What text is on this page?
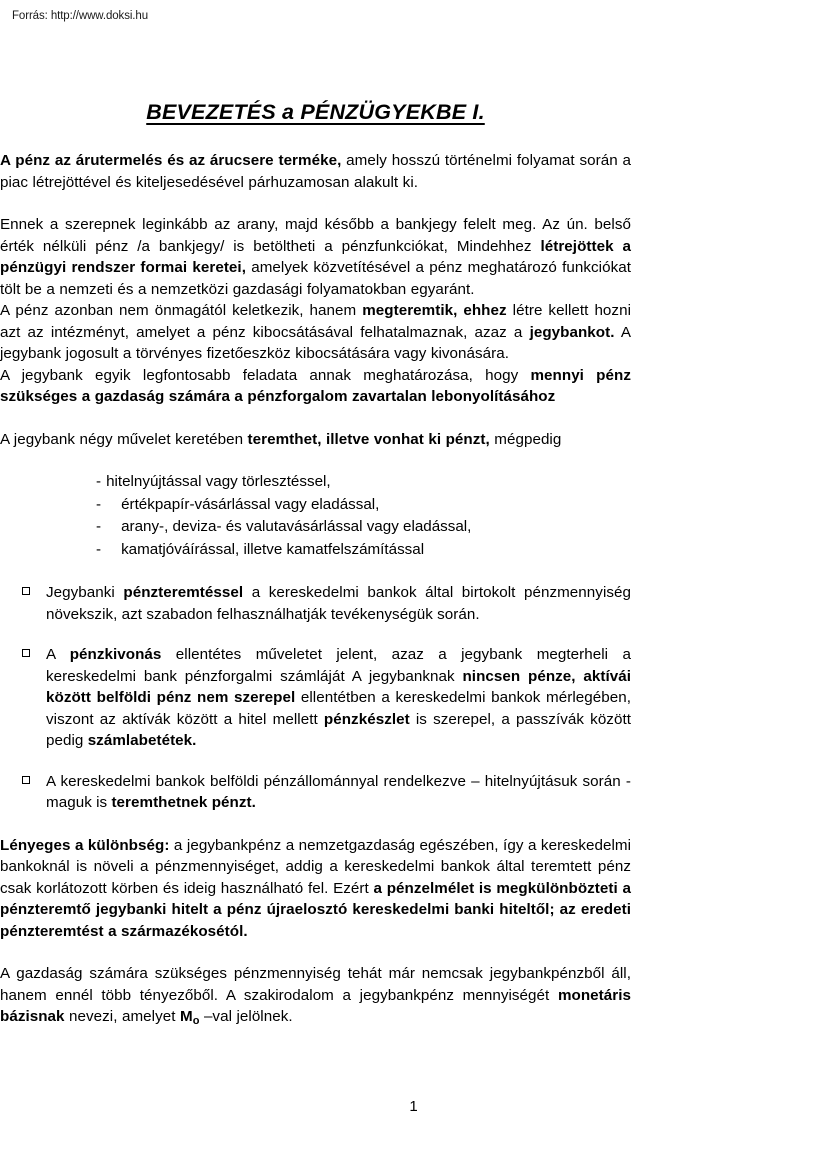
Forrás: http://www.doksi.hu
BEVEZETÉS a PÉNZÜGYEKBE I.

A pénz az árutermelés és az árucsere terméke, amely hosszú történelmi folyamat során a piac létrejöttével és kiteljesedésével párhuzamosan alakult ki.

Ennek a szerepnek leginkább az arany, majd később a bankjegy felelt meg. Az ún. belső érték nélküli pénz /a bankjegy/ is betöltheti a pénzfunkciókat, Mindehhez létrejöttek a pénzügyi rendszer formai keretei, amelyek közvetítésével a pénz meghatározó funkciókat tölt be a nemzeti és a nemzetközi gazdasági folyamatokban egyaránt.

A pénz azonban nem önmagától keletkezik, hanem megteremtik, ehhez létre kellett hozni azt az intézményt, amelyet a pénz kibocsátásával felhatalmaznak, azaz a jegybankot. A jegybank jogosult a törvényes fizetőeszköz kibocsátására vagy kivonására.

A jegybank egyik legfontosabb feladata annak meghatározása, hogy mennyi pénz szükséges a gazdaság számára a pénzforgalom zavartalan lebonyolításához

A jegybank négy művelet keretében teremthet, illetve vonhat ki pénzt, mégpedig

- hitelnyújtással vagy törlesztéssel,
- értékpapír-vásárlással vagy eladással,
- arany-, deviza- és valutavásárlással vagy eladással,
- kamatjóváírással, illetve kamatfelszámítással
Jegybanki pénzteremtéssel a kereskedelmi bankok által birtokolt pénzmennyiség növekszik, azt szabadon felhasználhatják tevékenységük során.
A pénzkivonás ellentétes műveletet jelent, azaz a jegybank megterheli a kereskedelmi bank pénzforgalmi számláját A jegybanknak nincsen pénze, aktívái között belföldi pénz nem szerepel ellentétben a kereskedelmi bankok mérlegében, viszont az aktívák között a hitel mellett pénzkészlet is szerepel, a passzívák között pedig számlabetétek.
A kereskedelmi bankok belföldi pénzállománnyal rendelkezve – hitelnyújtásuk során - maguk is teremthetnek pénzt.

Lényeges a különbség: a jegybankpénz a nemzetgazdaság egészében, így a kereskedelmi bankoknál is növeli a pénzmennyiséget, addig a kereskedelmi bankok által teremtett pénz csak korlátozott körben és ideig használható fel. Ezért a pénzelmélet is megkülönbözteti a pénzteremtő jegybanki hitelt a pénz újraelosztó kereskedelmi banki hiteltől; az eredeti pénzteremtést a származékosétól.

A gazdaság számára szükséges pénzmennyiség tehát már nemcsak jegybankpénzből áll, hanem ennél több tényezőből. A szakirodalom a jegybankpénz mennyiségét monetáris bázisnak nevezi, amelyet $M_o$ –val jelölnek.

1
